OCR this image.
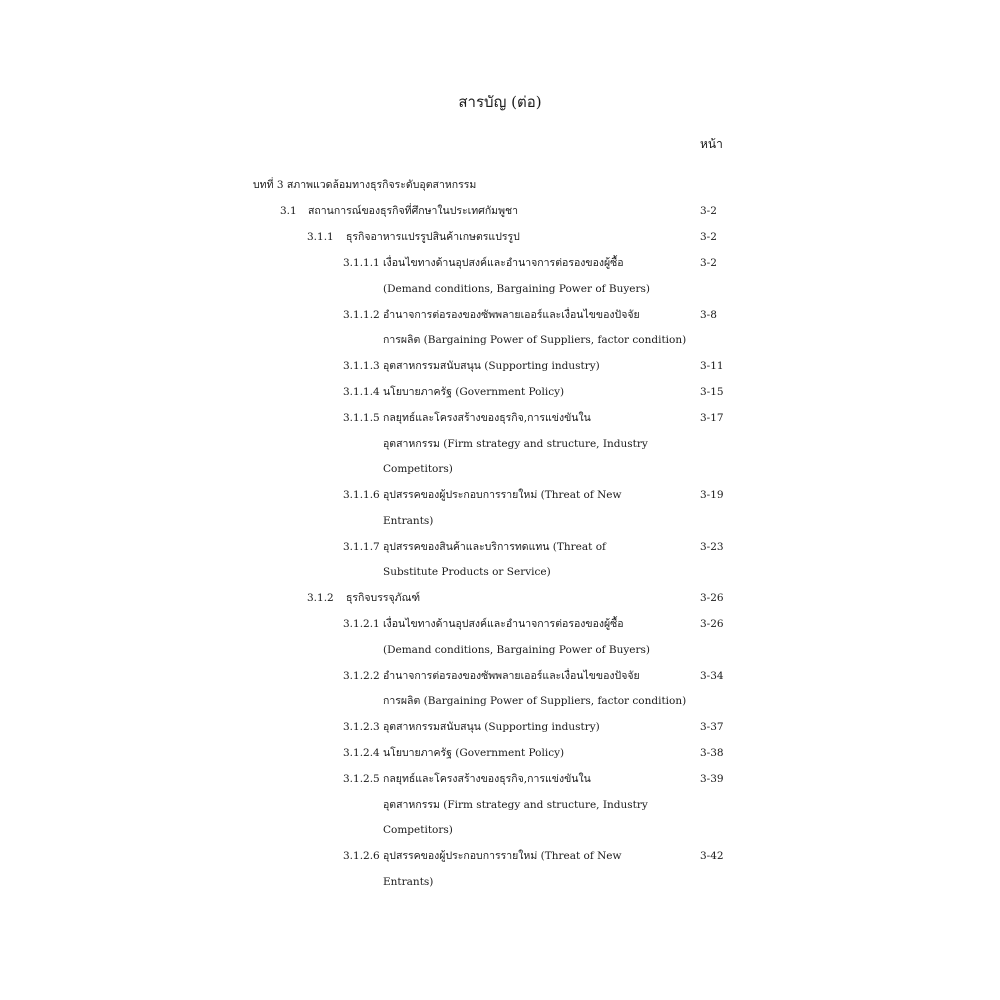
สารบัญ (ต่อ)
หน้า
บทที่ 3 สภาพแวดล้อมทางธุรกิจระดับอุตสาหกรรม
3.1 สถานการณ์ของธุรกิจที่ศึกษาในประเทศกัมพูชา	3-2
3.1.1 ธุรกิจอาหารแปรรูปสินค้าเกษตรแปรรูป	3-2
3.1.1.1 เงื่อนไขทางด้านอุปสงค์และอำนาจการต่อรองของผู้ซื้อ	3-2
(Demand conditions, Bargaining Power of Buyers)
3.1.1.2 อำนาจการต่อรองของซัพพลายเออร์และเงื่อนไขของปัจจัย	3-8
การผลิต (Bargaining Power of Suppliers, factor condition)
3.1.1.3 อุตสาหกรรมสนับสนุน (Supporting industry)	3-11
3.1.1.4 นโยบายภาครัฐ (Government Policy)	3-15
3.1.1.5 กลยุทธ์และโครงสร้างของธุรกิจ,การแข่งขันใน	3-17
อุตสาหกรรม (Firm strategy and structure, Industry
Competitors)
3.1.1.6 อุปสรรคของผู้ประกอบการรายใหม่ (Threat of New	3-19
Entrants)
3.1.1.7 อุปสรรคของสินค้าและบริการทดแทน (Threat of	3-23
Substitute Products or Service)
3.1.2 ธุรกิจบรรจุภัณฑ์	3-26
3.1.2.1 เงื่อนไขทางด้านอุปสงค์และอำนาจการต่อรองของผู้ซื้อ	3-26
(Demand conditions, Bargaining Power of Buyers)
3.1.2.2 อำนาจการต่อรองของซัพพลายเออร์และเงื่อนไขของปัจจัย	3-34
การผลิต (Bargaining Power of Suppliers, factor condition)
3.1.2.3 อุตสาหกรรมสนับสนุน (Supporting industry)	3-37
3.1.2.4 นโยบายภาครัฐ (Government Policy)	3-38
3.1.2.5 กลยุทธ์และโครงสร้างของธุรกิจ,การแข่งขันใน	3-39
อุตสาหกรรม (Firm strategy and structure, Industry
Competitors)
3.1.2.6 อุปสรรคของผู้ประกอบการรายใหม่ (Threat of New	3-42
Entrants)
